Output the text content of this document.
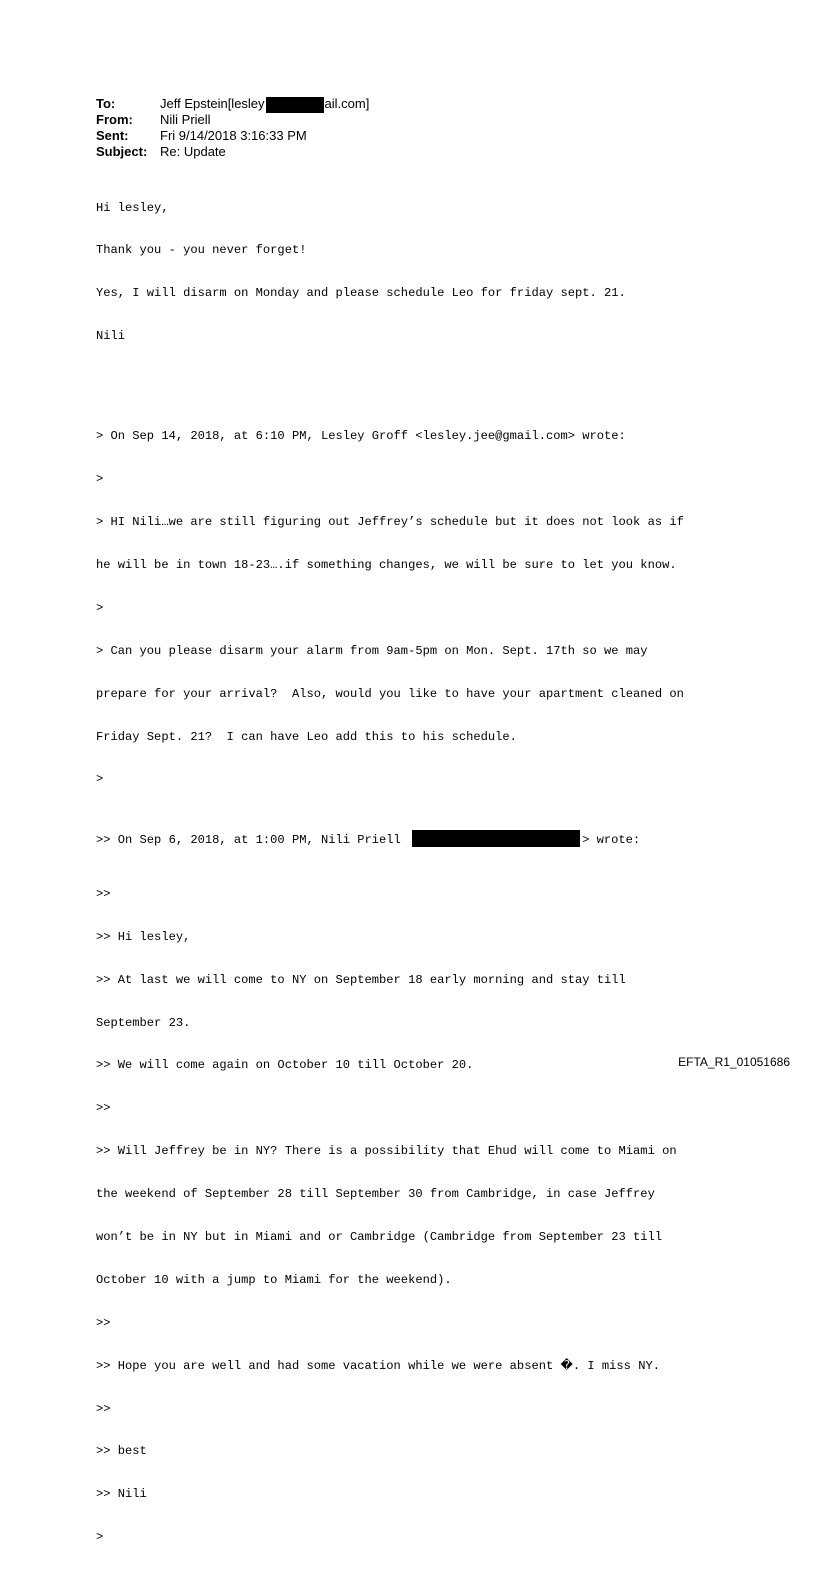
To:	Jeff Epstein[lesley	ail.com]
From:	Nili Priell
Sent:	Fri 9/14/2018 3:16:33 PM
Subject: Re: Update

Hi lesley,

Thank you - you never forget!

Yes, I will disarm on Monday and please schedule Leo for friday sept. 21.

Nili

> On Sep 14, 2018, at 6:10 PM, Lesley Groff <lesley.jee@gmail.com> wrote:

>

> HI Nili…we are still figuring out Jeffrey’s schedule but it does not look as if

he will be in town 18-23….if something changes, we will be sure to let you know.

>

> Can you please disarm your alarm from 9am-5pm on Mon. Sept. 17th so we may

prepare for your arrival?  Also, would you like to have your apartment cleaned on

Friday Sept. 21?  I can have Leo add this to his schedule.

>

>> On Sep 6, 2018, at 1:00 PM, Nili Priell	> wrote:

>>

>> Hi lesley,

>> At last we will come to NY on September 18 early morning and stay till

September 23.

>> We will come again on October 10 till October 20.

>>

>> Will Jeffrey be in NY? There is a possibility that Ehud will come to Miami on

the weekend of September 28 till September 30 from Cambridge, in case Jeffrey

won’t be in NY but in Miami and or Cambridge (Cambridge from September 23 till

October 10 with a jump to Miami for the weekend).

>>

>> Hope you are well and had some vacation while we were absent �. I miss NY.

>>

>> best

>> Nili

>

EFTA_R1_01051686
